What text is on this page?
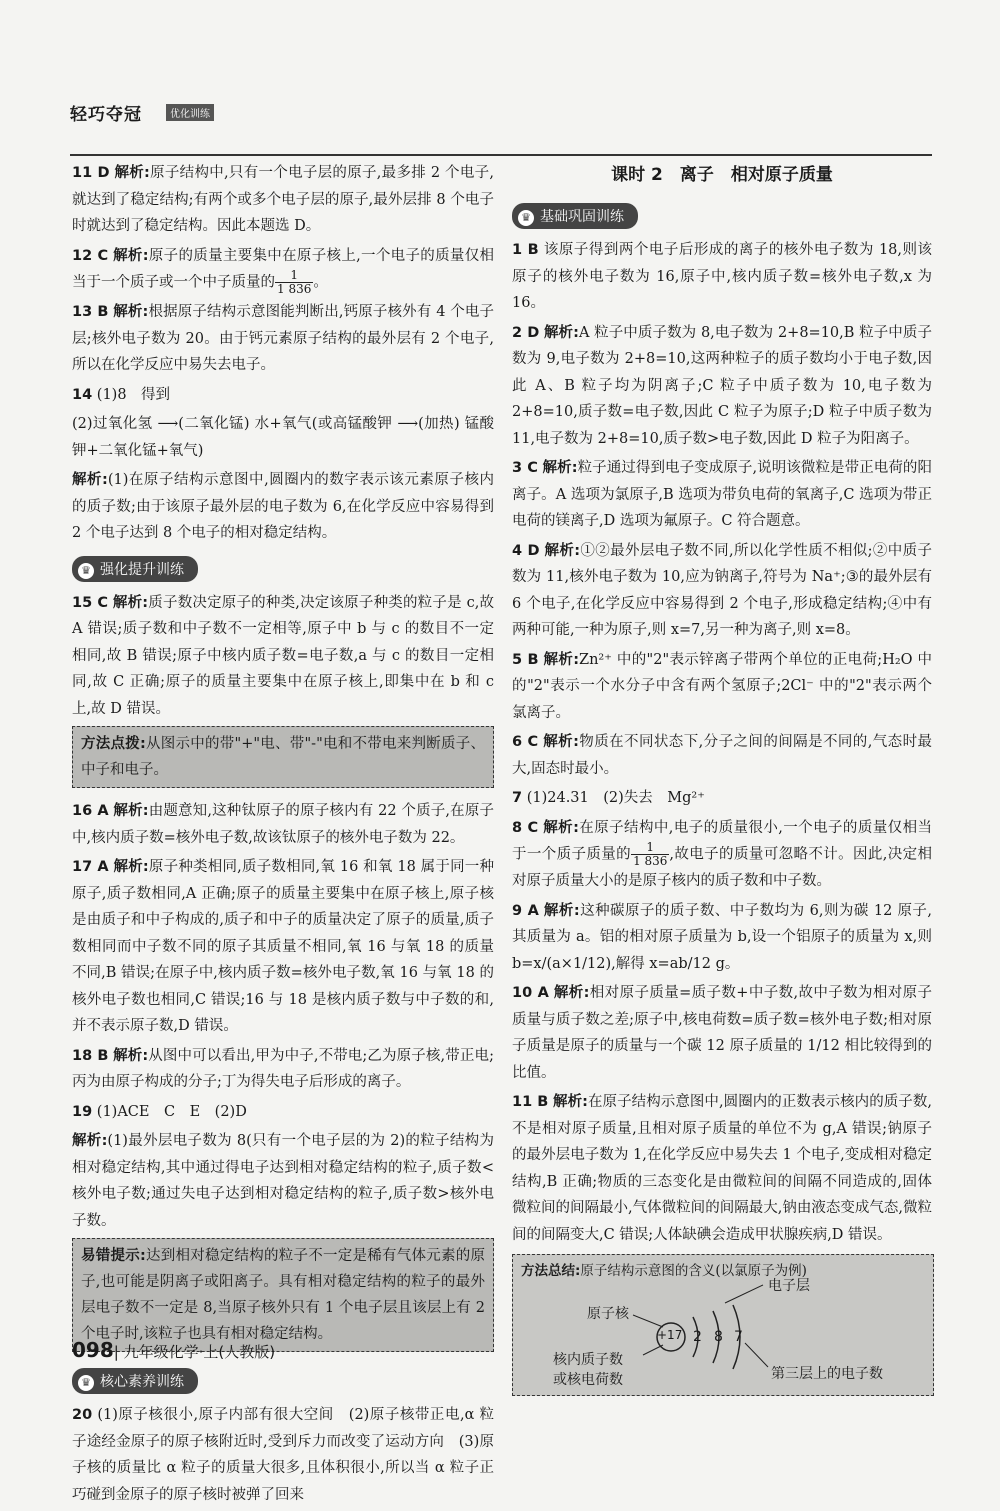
轻巧夺冠	优化训练

11 D 解析:原子结构中,只有一个电子层的原子,最多排 2 个电子,就达到了稳定结构;有两个或多个电子层的原子,最外层排 8 个电子时就达到了稳定结构。因此本题选 D。

12 C 解析:原子的质量主要集中在原子核上,一个电子的质量仅相当于一个质子或一个中子质量的 $\frac{1}{1 836}$ 。

13 B 解析:根据原子结构示意图能判断出,钙原子核外有 4 个电子层;核外电子数为 20。由于钙元素原子结构的最外层有 2 个电子,所以在化学反应中易失去电子。

14 (1)8　得到

(2)过氧化氢 ⟶(二氧化锰) 水+氧气(或高锰酸钾 ⟶(加热) 锰酸钾+二氧化锰+氧气)

解析:(1)在原子结构示意图中,圆圈内的数字表示该元素原子核内的质子数;由于该原子最外层的电子数为 6,在化学反应中容易得到 2 个电子达到 8 个电子的相对稳定结构。

♛ 强化提升训练

15 C 解析:质子数决定原子的种类,决定该原子种类的粒子是 c,故 A 错误;质子数和中子数不一定相等,原子中 b 与 c 的数目不一定相同,故 B 错误;原子中核内质子数=电子数,a 与 c 的数目一定相同,故 C 正确;原子的质量主要集中在原子核上,即集中在 b 和 c 上,故 D 错误。

方法点拨:从图示中的带"+"电、带"-"电和不带电来判断质子、中子和电子。

16 A 解析:由题意知,这种钛原子的原子核内有 22 个质子,在原子中,核内质子数=核外电子数,故该钛原子的核外电子数为 22。

17 A 解析:原子种类相同,质子数相同,氧 16 和氧 18 属于同一种原子,质子数相同,A 正确;原子的质量主要集中在原子核上,原子核是由质子和中子构成的,质子和中子的质量决定了原子的质量,质子数相同而中子数不同的原子其质量不相同,氧 16 与氧 18 的质量不同,B 错误;在原子中,核内质子数=核外电子数,氧 16 与氧 18 的核外电子数也相同,C 错误;16 与 18 是核内质子数与中子数的和,并不表示原子数,D 错误。

18 B 解析:从图中可以看出,甲为中子,不带电;乙为原子核,带正电;丙为由原子构成的分子;丁为得失电子后形成的离子。

19 (1)ACE　C　E　(2)D

解析:(1)最外层电子数为 8(只有一个电子层的为 2)的粒子结构为相对稳定结构,其中通过得电子达到相对稳定结构的粒子,质子数<核外电子数;通过失电子达到相对稳定结构的粒子,质子数>核外电子数。

易错提示:达到相对稳定结构的粒子不一定是稀有气体元素的原子,也可能是阴离子或阳离子。具有相对稳定结构的粒子的最外层电子数不一定是 8,当原子核外只有 1 个电子层且该层上有 2 个电子时,该粒子也具有相对稳定结构。

♛ 核心素养训练

20 (1)原子核很小,原子内部有很大空间　(2)原子核带正电,α 粒子途经金原子的原子核附近时,受到斥力而改变了运动方向　(3)原子核的质量比 α 粒子的质量大很多,且体积很小,所以当 α 粒子正巧碰到金原子的原子核时被弹了回来

课时 2　离子　相对原子质量
♛ 基础巩固训练

1 B 该原子得到两个电子后形成的离子的核外电子数为 18,则该原子的核外电子数为 16,原子中,核内质子数=核外电子数,x 为 16。

2 D 解析:A 粒子中质子数为 8,电子数为 2+8=10,B 粒子中质子数为 9,电子数为 2+8=10,这两种粒子的质子数均小于电子数,因此 A、B 粒子均为阴离子;C 粒子中质子数为 10,电子数为 2+8=10,质子数=电子数,因此 C 粒子为原子;D 粒子中质子数为 11,电子数为 2+8=10,质子数>电子数,因此 D 粒子为阳离子。

3 C 解析:粒子通过得到电子变成原子,说明该微粒是带正电荷的阳离子。A 选项为氯原子,B 选项为带负电荷的氧离子,C 选项为带正电荷的镁离子,D 选项为氟原子。C 符合题意。

4 D 解析:①②最外层电子数不同,所以化学性质不相似;②中质子数为 11,核外电子数为 10,应为钠离子,符号为 Na⁺;③的最外层有 6 个电子,在化学反应中容易得到 2 个电子,形成稳定结构;④中有两种可能,一种为原子,则 x=7,另一种为离子,则 x=8。

5 B 解析:Zn²⁺ 中的"2"表示锌离子带两个单位的正电荷;H₂O 中的"2"表示一个水分子中含有两个氢原子;2Cl⁻ 中的"2"表示两个氯离子。

6 C 解析:物质在不同状态下,分子之间的间隔是不同的,气态时最大,固态时最小。

7 (1)24.31　(2)失去　Mg²⁺

8 C 解析:在原子结构中,电子的质量很小,一个电子的质量仅相当于一个质子质量的 $\frac{1}{1 836}$ ,故电子的质量可忽略不计。因此,决定相对原子质量大小的是原子核内的质子数和中子数。

9 A 解析:这种碳原子的质子数、中子数均为 6,则为碳 12 原子,其质量为 a。铝的相对原子质量为 b,设一个铝原子的质量为 x,则 b=x/(a×1/12),解得 x=ab/12 g。

10 A 解析:相对原子质量=质子数+中子数,故中子数为相对原子质量与质子数之差;原子中,核电荷数=质子数=核外电子数;相对原子质量是原子的质量与一个碳 12 原子质量的 1/12 相比较得到的比值。

11 B 解析:在原子结构示意图中,圆圈内的正数表示核内的质子数,不是相对原子质量,且相对原子质量的单位不为 g,A 错误;钠原子的最外层电子数为 1,在化学反应中易失去 1 个电子,变成相对稳定结构,B 正确;物质的三态变化是由微粒间的间隔不同造成的,固体微粒间的间隔最小,气体微粒间的间隔最大,钠由液态变成气态,微粒间的间隔变大,C 错误;人体缺碘会造成甲状腺疾病,D 错误。

方法总结:原子结构示意图的含义(以氯原子为例)
+17 2 8 7
电子层
原子核
核内质子数
或核电荷数	第三层上的电子数
098| 九年级化学·上(人教版)
